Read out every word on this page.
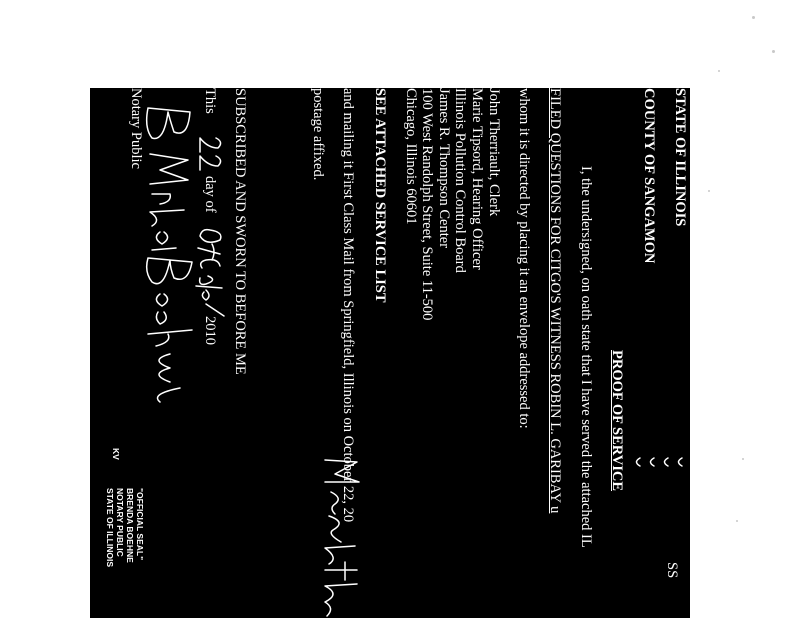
STATE OF ILLINOIS
COUNTY OF SANGAMON
SS
PROOF OF SERVICE
I, the undersigned, on oath state that I have served the attached IL
FILED QUESTIONS FOR CITGO'S WITNESS ROBIN L. GARIBAY u
whom it is directed by placing it an envelope addressed to:
John Therriault, Clerk
Marie Tipsord, Hearing Officer
Illinois Pollution Control Board
James R. Thompson Center
100 West Randolph Street, Suite 11-500
Chicago, Illinois 60601
SEE ATTACHED SERVICE LIST
and mailing it First Class Mail from Springfield, Illinois on October 22, 20
postage affixed.
SUBSCRIBED AND SWORN TO BEFORE ME
This
day of
2010
Notary Public
"OFFICIAL SEAL"
BRENDA BOEHNE
NOTARY PUBLIC
STATE OF ILLINOIS
KV
